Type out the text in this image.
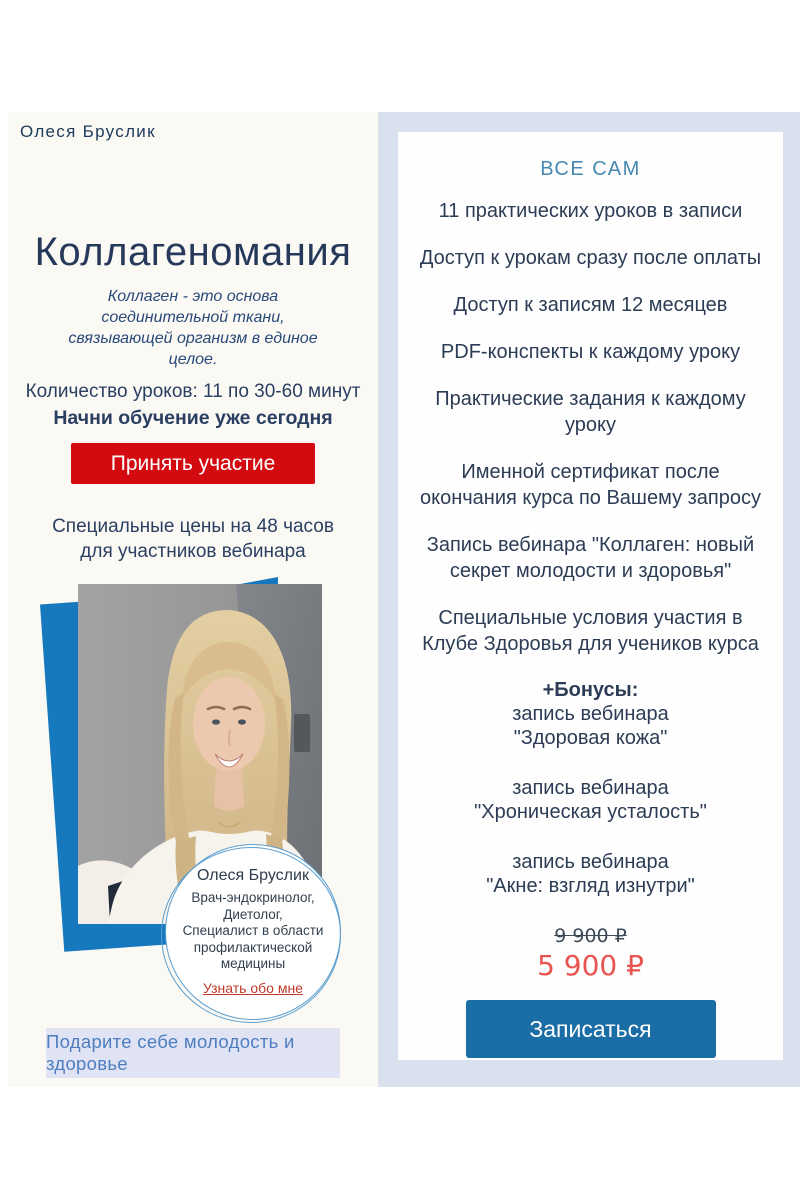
Олеся Бруслик
Коллагеномания
Коллаген - это основа соединительной ткани, связывающей организм в единое целое.
Количество уроков: 11 по 30-60 минут
Начни обучение уже сегодня
Принять участие
Специальные цены на 48 часов для участников вебинара
Олеся Бруслик
Врач-эндокринолог,
Диетолог,
Специалист в области профилактической медицины
Узнать обо мне
Подарите себе молодость и здоровье
ВСЕ САМ
11 практических уроков в записи
Доступ к урокам сразу после оплаты
Доступ к записям 12 месяцев
PDF-конспекты к каждому уроку
Практические задания к каждому уроку
Именной сертификат после окончания курса по Вашему запросу
Запись вебинара "Коллаген: новый секрет молодости и здоровья"
Специальные условия участия в Клубе Здоровья для учеников курса
+Бонусы:
запись вебинара
"Здоровая кожа"
запись вебинара
"Хроническая усталость"
запись вебинара
"Акне: взгляд изнутри"
9 900 ₽
5 900 ₽
Записаться
